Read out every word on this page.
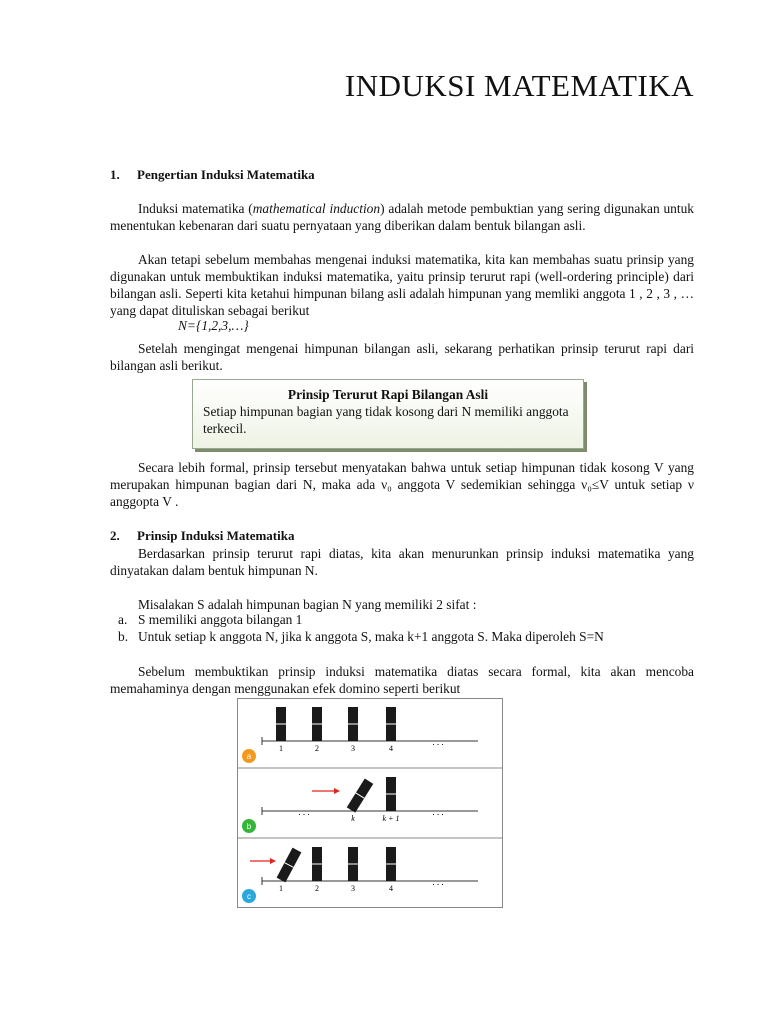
INDUKSI MATEMATIKA
1. Pengertian Induksi Matematika
Induksi matematika (mathematical induction) adalah metode pembuktian yang sering digunakan untuk menentukan kebenaran dari suatu pernyataan yang diberikan dalam bentuk bilangan asli.
Akan tetapi sebelum membahas mengenai induksi matematika, kita kan membahas suatu prinsip yang digunakan untuk membuktikan induksi matematika, yaitu prinsip terurut rapi (well-ordering principle) dari bilangan asli. Seperti kita ketahui himpunan bilang asli adalah himpunan yang memliki anggota 1 , 2 , 3 , … yang dapat dituliskan sebagai berikut
N={1,2,3,…}
Setelah mengingat mengenai himpunan bilangan asli, sekarang perhatikan prinsip terurut rapi dari bilangan asli berikut.
Prinsip Terurut Rapi Bilangan Asli
Setiap himpunan bagian yang tidak kosong dari N memiliki anggota terkecil.
Secara lebih formal, prinsip tersebut menyatakan bahwa untuk setiap himpunan tidak kosong V yang merupakan himpunan bagian dari N, maka ada ν₀ anggota V sedemikian sehingga ν₀≤V untuk setiap ν anggopta V .
2. Prinsip Induksi Matematika
Berdasarkan prinsip terurut rapi diatas, kita akan menurunkan prinsip induksi matematika yang dinyatakan dalam bentuk himpunan N.
Misalakan S adalah himpunan bagian N yang memiliki 2 sifat :
a. S memiliki anggota bilangan 1
b. Untuk setiap k anggota N, jika k anggota S, maka k+1 anggota S. Maka diperoleh S=N
Sebelum membuktikan prinsip induksi matematika diatas secara formal, kita akan mencoba memahaminya dengan menggunakan efek domino seperti berikut
1	2	3	4
. . .
a
. . .
k	k + 1
. . .
b
1	2	3	4
. . .
c
